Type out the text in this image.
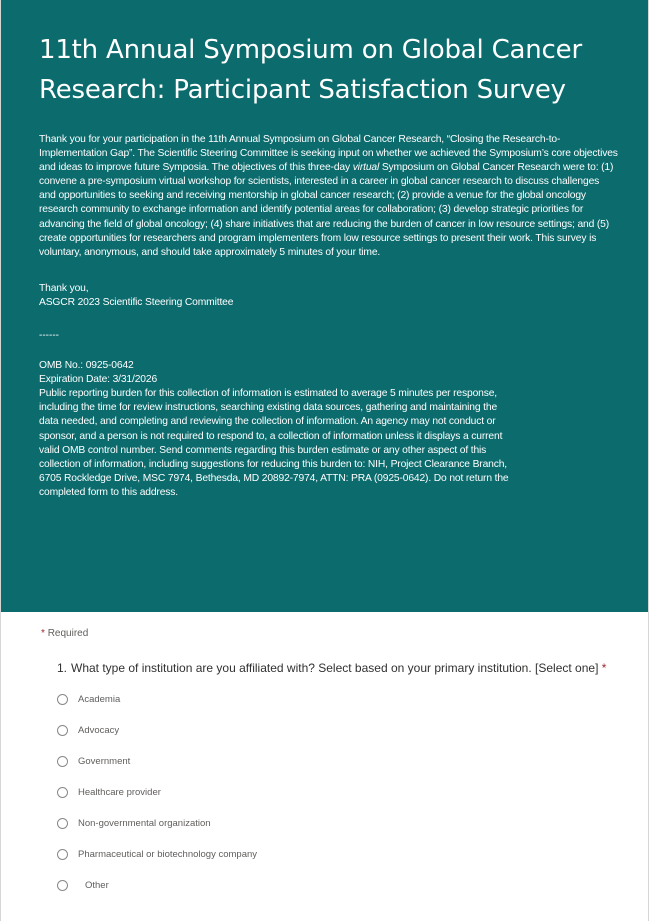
11th Annual Symposium on Global Cancer Research: Participant Satisfaction Survey

Thank you for your participation in the 11th Annual Symposium on Global Cancer Research, “Closing the Research-to-Implementation Gap”. The Scientific Steering Committee is seeking input on whether we achieved the Symposium’s core objectives and ideas to improve future Symposia. The objectives of this three-day virtual Symposium on Global Cancer Research were to: (1) convene a pre-symposium virtual workshop for scientists, interested in a career in global cancer research to discuss challenges and opportunities to seeking and receiving mentorship in global cancer research; (2) provide a venue for the global oncology research community to exchange information and identify potential areas for collaboration; (3) develop strategic priorities for advancing the field of global oncology; (4) share initiatives that are reducing the burden of cancer in low resource settings; and (5) create opportunities for researchers and program implementers from low resource settings to present their work. This survey is voluntary, anonymous, and should take approximately 5 minutes of your time.

Thank you,
ASGCR 2023 Scientific Steering Committee

------

OMB No.: 0925-0642
Expiration Date: 3/31/2026
Public reporting burden for this collection of information is estimated to average 5 minutes per response, including the time for review instructions, searching existing data sources, gathering and maintaining the data needed, and completing and reviewing the collection of information. An agency may not conduct or sponsor, and a person is not required to respond to, a collection of information unless it displays a current valid OMB control number. Send comments regarding this burden estimate or any other aspect of this collection of information, including suggestions for reducing this burden to: NIH, Project Clearance Branch, 6705 Rockledge Drive, MSC 7974, Bethesda, MD 20892-7974, ATTN: PRA (0925-0642). Do not return the completed form to this address.

* Required

1. What type of institution are you affiliated with? Select based on your primary institution. [Select one] *
Academia
Advocacy
Government
Healthcare provider
Non-governmental organization
Pharmaceutical or biotechnology company
Other
